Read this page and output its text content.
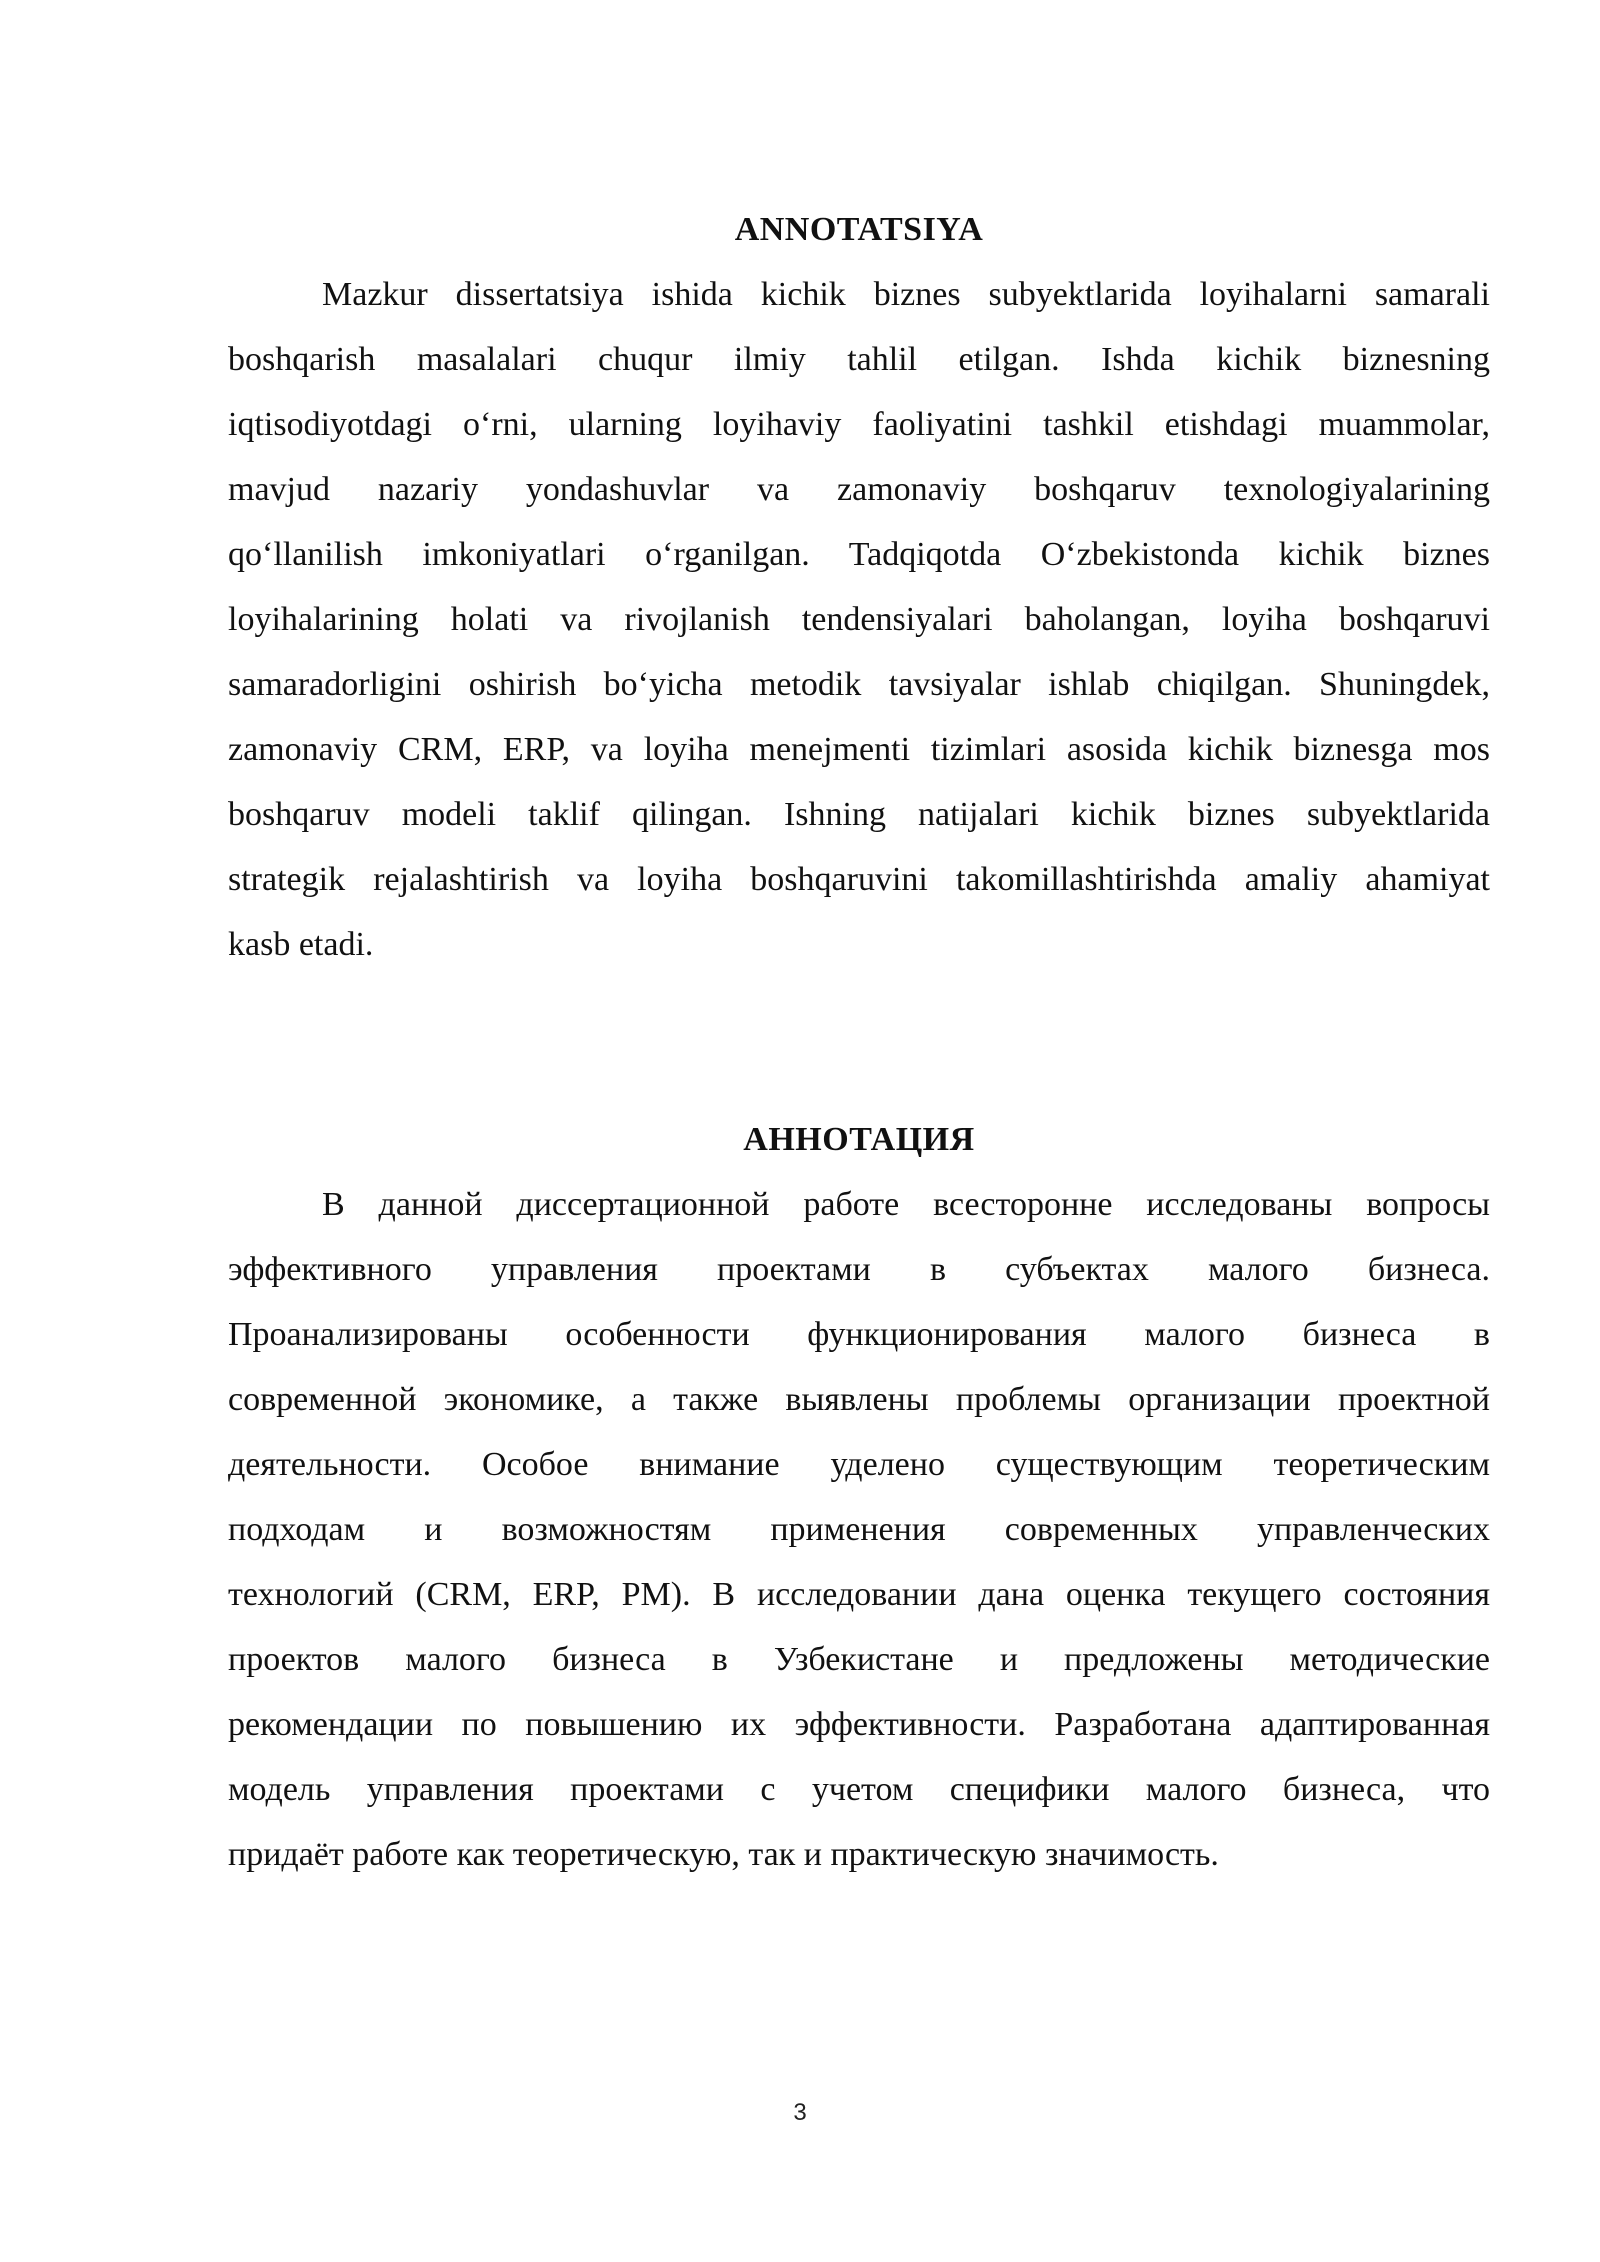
ANNOTATSIYA
Mazkur dissertatsiya ishida kichik biznes subyektlarida loyihalarni samarali
boshqarish masalalari chuqur ilmiy tahlil etilgan. Ishda kichik biznesning
iqtisodiyotdagi oʻrni, ularning loyihaviy faoliyatini tashkil etishdagi muammolar,
mavjud nazariy yondashuvlar va zamonaviy boshqaruv texnologiyalarining
qoʻllanilish imkoniyatlari oʻrganilgan. Tadqiqotda Oʻzbekistonda kichik biznes
loyihalarining holati va rivojlanish tendensiyalari baholangan, loyiha boshqaruvi
samaradorligini oshirish boʻyicha metodik tavsiyalar ishlab chiqilgan. Shuningdek,
zamonaviy CRM, ERP, va loyiha menejmenti tizimlari asosida kichik biznesga mos
boshqaruv modeli taklif qilingan. Ishning natijalari kichik biznes subyektlarida
strategik rejalashtirish va loyiha boshqaruvini takomillashtirishda amaliy ahamiyat
kasb etadi.
АННОТАЦИЯ
В данной диссертационной работе всесторонне исследованы вопросы
эффективного управления проектами в субъектах малого бизнеса.
Проанализированы особенности функционирования малого бизнеса в
современной экономике, а также выявлены проблемы организации проектной
деятельности. Особое внимание уделено существующим теоретическим
подходам и возможностям применения современных управленческих
технологий (CRM, ERP, PM). В исследовании дана оценка текущего состояния
проектов малого бизнеса в Узбекистане и предложены методические
рекомендации по повышению их эффективности. Разработана адаптированная
модель управления проектами с учетом специфики малого бизнеса, что
придаёт работе как теоретическую, так и практическую значимость.

3
